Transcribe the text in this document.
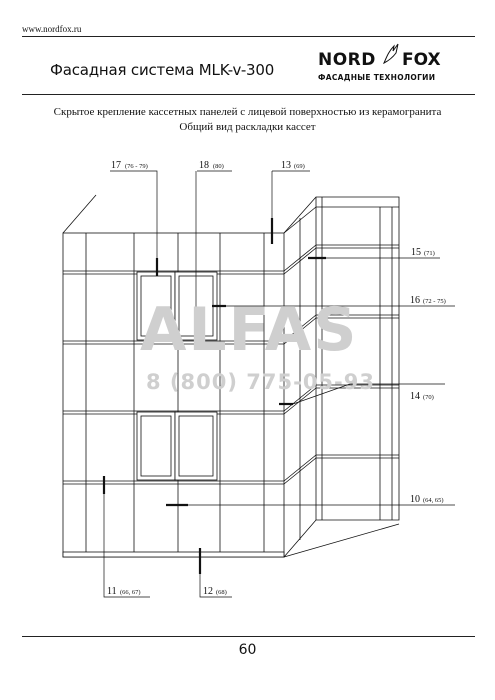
www.nordfox.ru
Фасадная система MLK-v-300	NORD FOX
ФАСАДНЫЕ ТЕХНОЛОГИИ
Скрытое крепление кассетных панелей с лицевой поверхностью из керамогранита
Общий вид раскладки кассет
17 (76 - 79)	18 (80)	13 (69)
15 (71)
16 (72 - 75)
14 (70)
10 (64, 65)
11 (66, 67)	12 (68)
ALFAS
8 (800) 775-05-93
60
